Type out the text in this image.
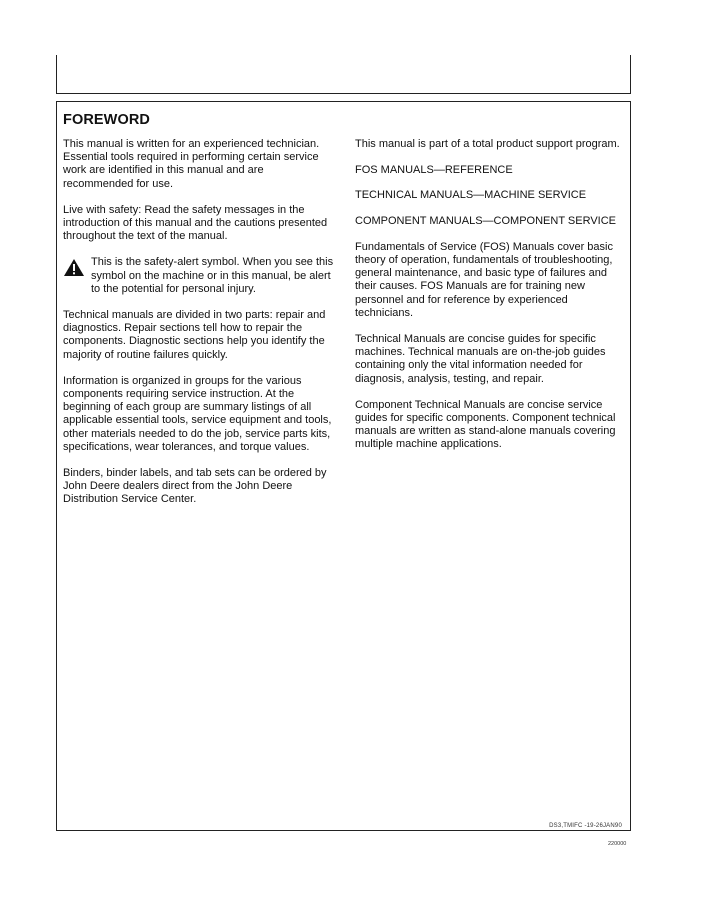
FOREWORD

This manual is written for an experienced technician. Essential tools required in performing certain service work are identified in this manual and are recommended for use.

Live with safety: Read the safety messages in the introduction of this manual and the cautions presented throughout the text of the manual.

This is the safety-alert symbol. When you see this symbol on the machine or in this manual, be alert to the potential for personal injury.

Technical manuals are divided in two parts: repair and diagnostics. Repair sections tell how to repair the components. Diagnostic sections help you identify the majority of routine failures quickly.

Information is organized in groups for the various components requiring service instruction. At the beginning of each group are summary listings of all applicable essential tools, service equipment and tools, other materials needed to do the job, service parts kits, specifications, wear tolerances, and torque values.

Binders, binder labels, and tab sets can be ordered by John Deere dealers direct from the John Deere Distribution Service Center.

This manual is part of a total product support program.

FOS MANUALS—REFERENCE

TECHNICAL MANUALS—MACHINE SERVICE

COMPONENT MANUALS—COMPONENT SERVICE

Fundamentals of Service (FOS) Manuals cover basic theory of operation, fundamentals of troubleshooting, general maintenance, and basic type of failures and their causes. FOS Manuals are for training new personnel and for reference by experienced technicians.

Technical Manuals are concise guides for specific machines. Technical manuals are on-the-job guides containing only the vital information needed for diagnosis, analysis, testing, and repair.

Component Technical Manuals are concise service guides for specific components. Component technical manuals are written as stand-alone manuals covering multiple machine applications.

DS3,TMIFC -19-26JAN90
220000
